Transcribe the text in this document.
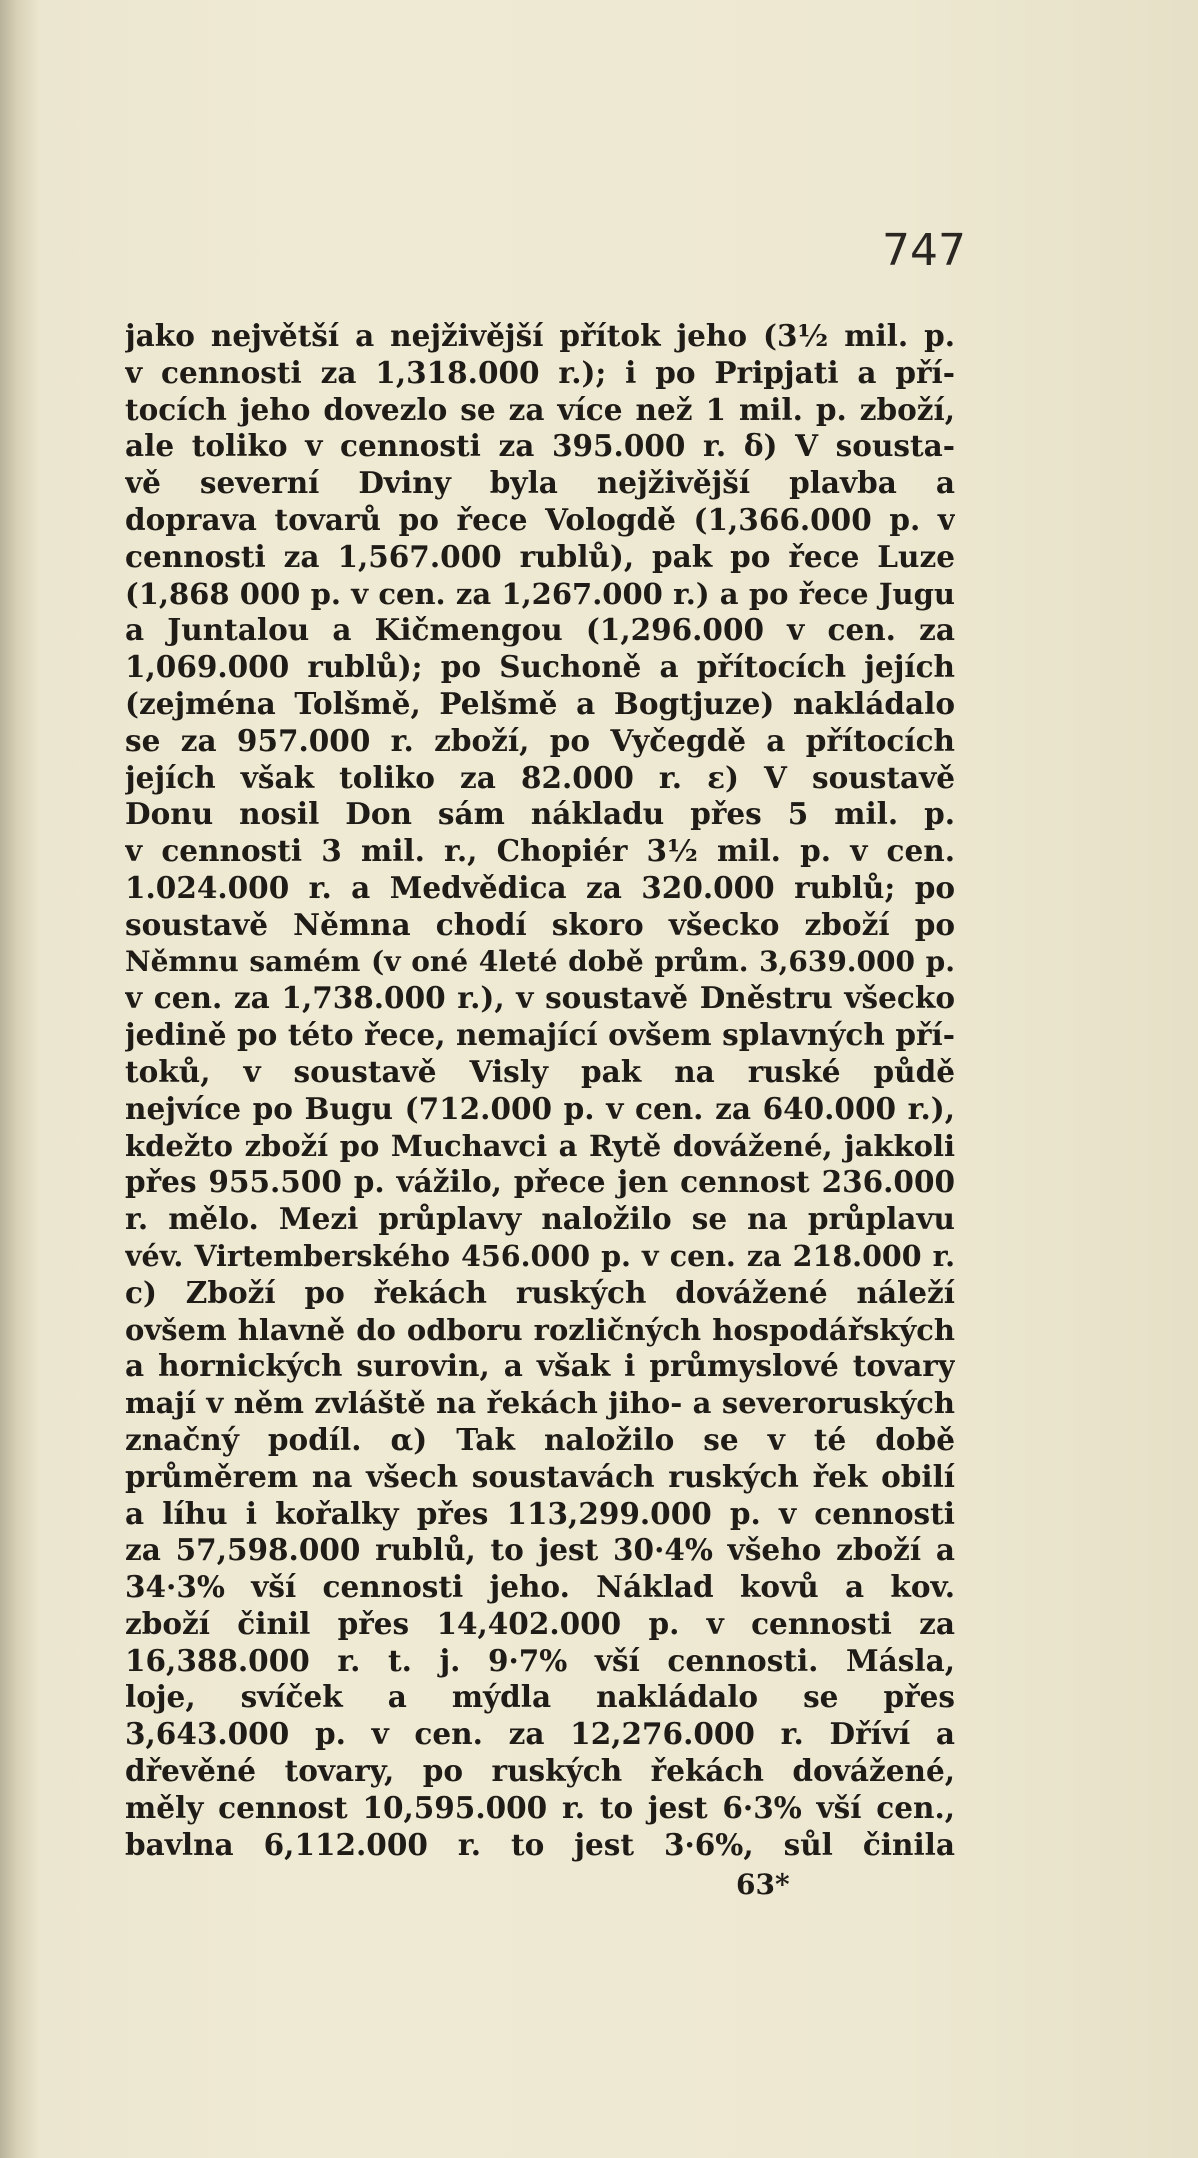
747
jako největší a nejživější přítok jeho (3½ mil. p.
v cennosti za 1,318.000 r.); i po Pripjati a pří-
tocích jeho dovezlo se za více než 1 mil. p. zboží,
ale toliko v cennosti za 395.000 r. δ) V sousta-
vě severní Dviny byla nejživější plavba a
doprava tovarů po řece Vologdě (1,366.000 p. v
cennosti za 1,567.000 rublů), pak po řece Luze
(1,868 000 p. v cen. za 1,267.000 r.) a po řece Jugu
a Juntalou a Kičmengou (1,296.000 v cen. za
1,069.000 rublů); po Suchoně a přítocích jejích
(zejména Tolšmě, Pelšmě a Bogtjuze) nakládalo
se za 957.000 r. zboží, po Vyčegdě a přítocích
jejích však toliko za 82.000 r. ε) V soustavě
Donu nosil Don sám nákladu přes 5 mil. p.
v cennosti 3 mil. r., Chopiér 3½ mil. p. v cen.
1.024.000 r. a Medvědica za 320.000 rublů; po
soustavě Němna chodí skoro všecko zboží po
Němnu samém (v oné 4leté době prům. 3,639.000 p.
v cen. za 1,738.000 r.), v soustavě Dněstru všecko
jedině po této řece, nemající ovšem splavných pří-
toků, v soustavě Visly pak na ruské půdě
nejvíce po Bugu (712.000 p. v cen. za 640.000 r.),
kdežto zboží po Muchavci a Rytě dovážené, jakkoli
přes 955.500 p. vážilo, přece jen cennost 236.000
r. mělo. Mezi průplavy naložilo se na průplavu
vév. Virtemberského 456.000 p. v cen. za 218.000 r.
c) Zboží po řekách ruských dovážené náleží
ovšem hlavně do odboru rozličných hospodářských
a hornických surovin, a však i průmyslové tovary
mají v něm zvláště na řekách jiho- a severoruských
značný podíl. α) Tak naložilo se v té době
průměrem na všech soustavách ruských řek obilí
a líhu i kořalky přes 113,299.000 p. v cennosti
za 57,598.000 rublů, to jest 30·4% všeho zboží a
34·3% vší cennosti jeho. Náklad kovů a kov.
zboží činil přes 14,402.000 p. v cennosti za
16,388.000 r. t. j. 9·7% vší cennosti. Másla,
loje, svíček a mýdla nakládalo se přes
3,643.000 p. v cen. za 12,276.000 r. Dříví a
dřevěné tovary, po ruských řekách dovážené,
měly cennost 10,595.000 r. to jest 6·3% vší cen.,
bavlna 6,112.000 r. to jest 3·6%, sůl činila
63*
